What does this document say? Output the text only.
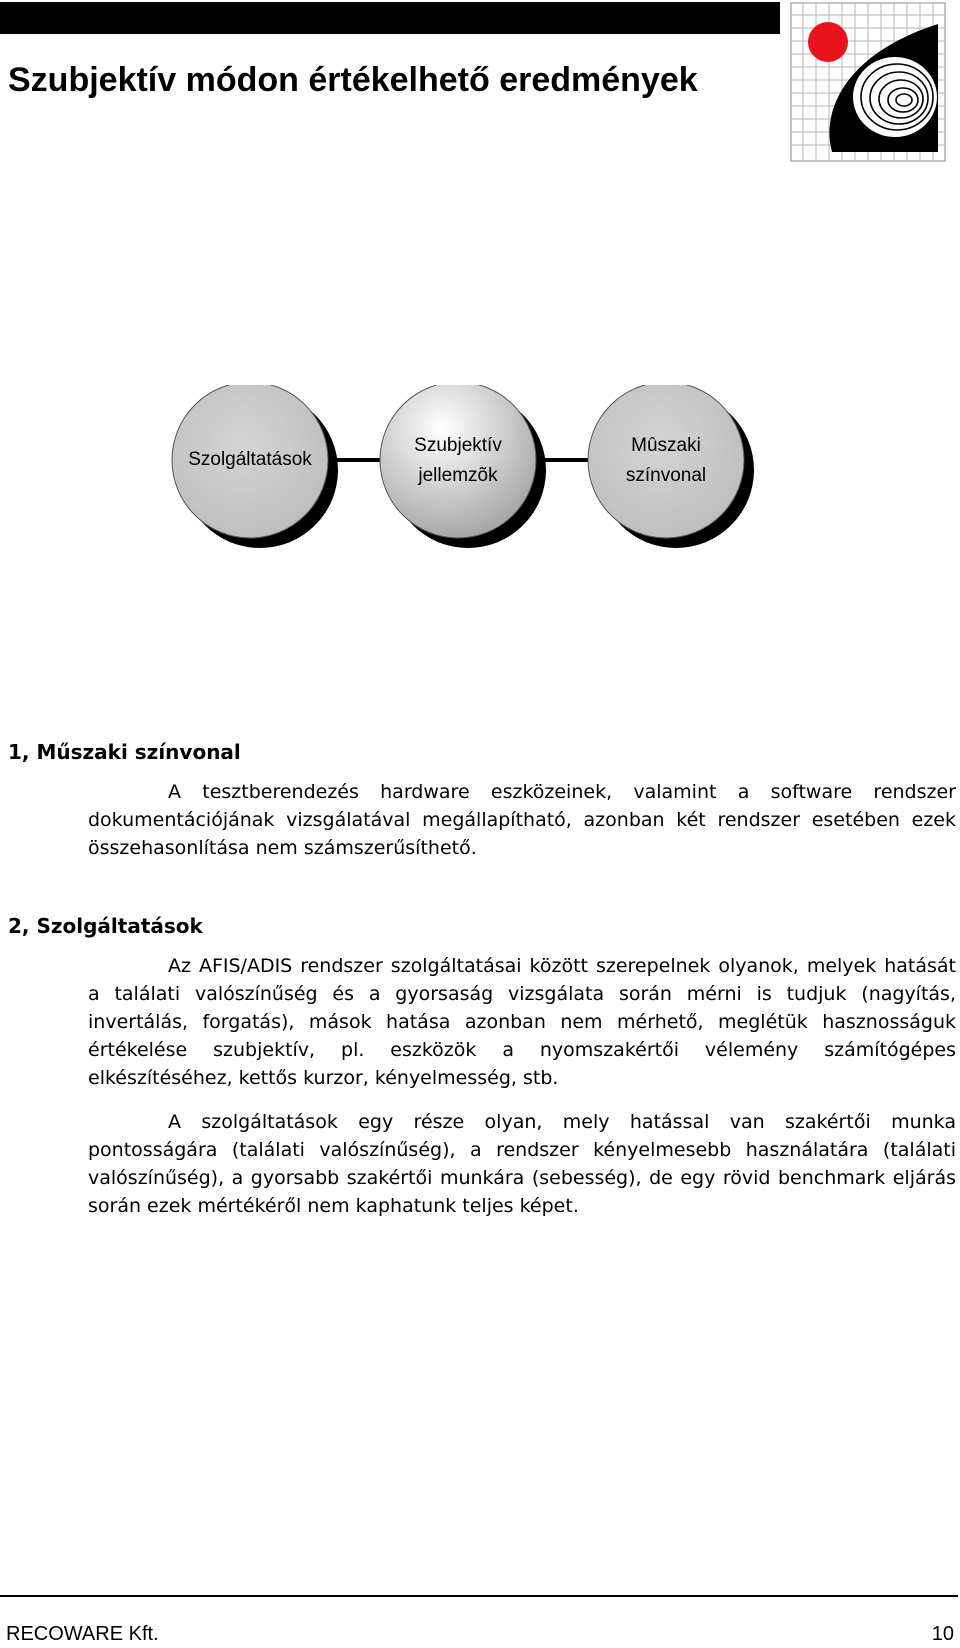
Szubjektív módon értékelhető eredmények
Szolgáltatások
Szubjektív jellemzõk
Mûszaki színvonal
1, Műszaki színvonal

A tesztberendezés hardware eszközeinek, valamint a software rendszer dokumentációjának vizsgálatával megállapítható, azonban két rendszer esetében ezek összehasonlítása nem számszerűsíthető.

2, Szolgáltatások

Az AFIS/ADIS rendszer szolgáltatásai között szerepelnek olyanok, melyek hatását a találati valószínűség és a gyorsaság vizsgálata során mérni is tudjuk (nagyítás, invertálás, forgatás), mások hatása azonban nem mérhető, meglétük hasznosságuk értékelése szubjektív, pl. eszközök a nyomszakértői vélemény számítógépes elkészítéséhez, kettős kurzor, kényelmesség, stb.

A szolgáltatások egy része olyan, mely hatással van szakértői munka pontosságára (találati valószínűség), a rendszer kényelmesebb használatára (találati valószínűség), a gyorsabb szakértői munkára (sebesség), de egy rövid benchmark eljárás során ezek mértékéről nem kaphatunk teljes képet.

RECOWARE Kft.	10
